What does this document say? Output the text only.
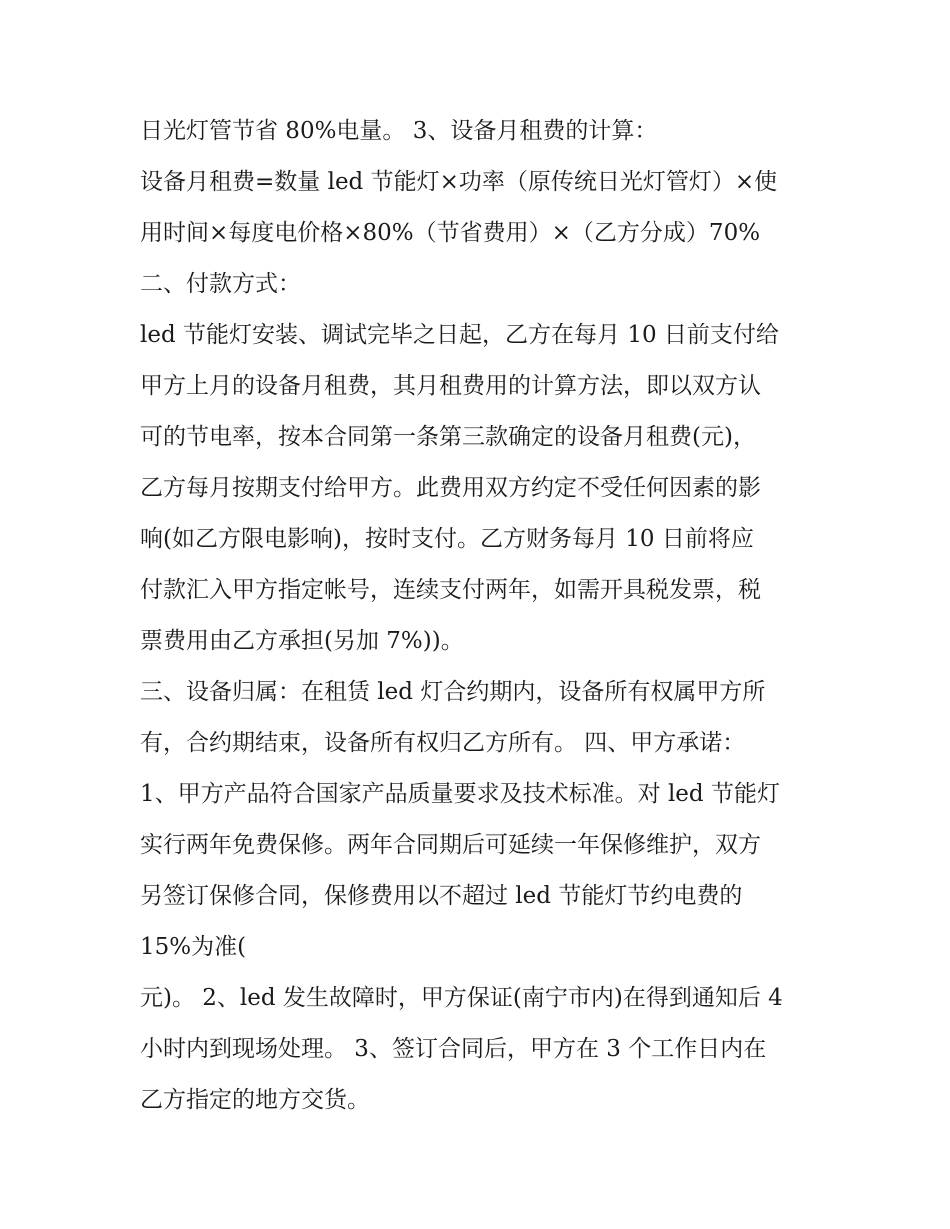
日光灯管节省 80%电量。 3、设备月租费的计算：
设备月租费=数量 led 节能灯×功率（原传统日光灯管灯）×使
用时间×每度电价格×80%（节省费用）×（乙方分成）70%
二、付款方式：
led 节能灯安装、调试完毕之日起，乙方在每月 10 日前支付给
甲方上月的设备月租费，其月租费用的计算方法，即以双方认
可的节电率，按本合同第一条第三款确定的设备月租费(元)，
乙方每月按期支付给甲方。此费用双方约定不受任何因素的影
响(如乙方限电影响)，按时支付。乙方财务每月 10 日前将应
付款汇入甲方指定帐号，连续支付两年，如需开具税发票，税
票费用由乙方承担(另加 7%))。
三、设备归属：在租赁 led 灯合约期内，设备所有权属甲方所
有，合约期结束，设备所有权归乙方所有。 四、甲方承诺：
1、甲方产品符合国家产品质量要求及技术标准。对 led 节能灯
实行两年免费保修。两年合同期后可延续一年保修维护，双方
另签订保修合同，保修费用以不超过 led 节能灯节约电费的
15%为准(
元)。 2、led 发生故障时，甲方保证(南宁市内)在得到通知后 4
小时内到现场处理。 3、签订合同后，甲方在 3 个工作日内在
乙方指定的地方交货。
